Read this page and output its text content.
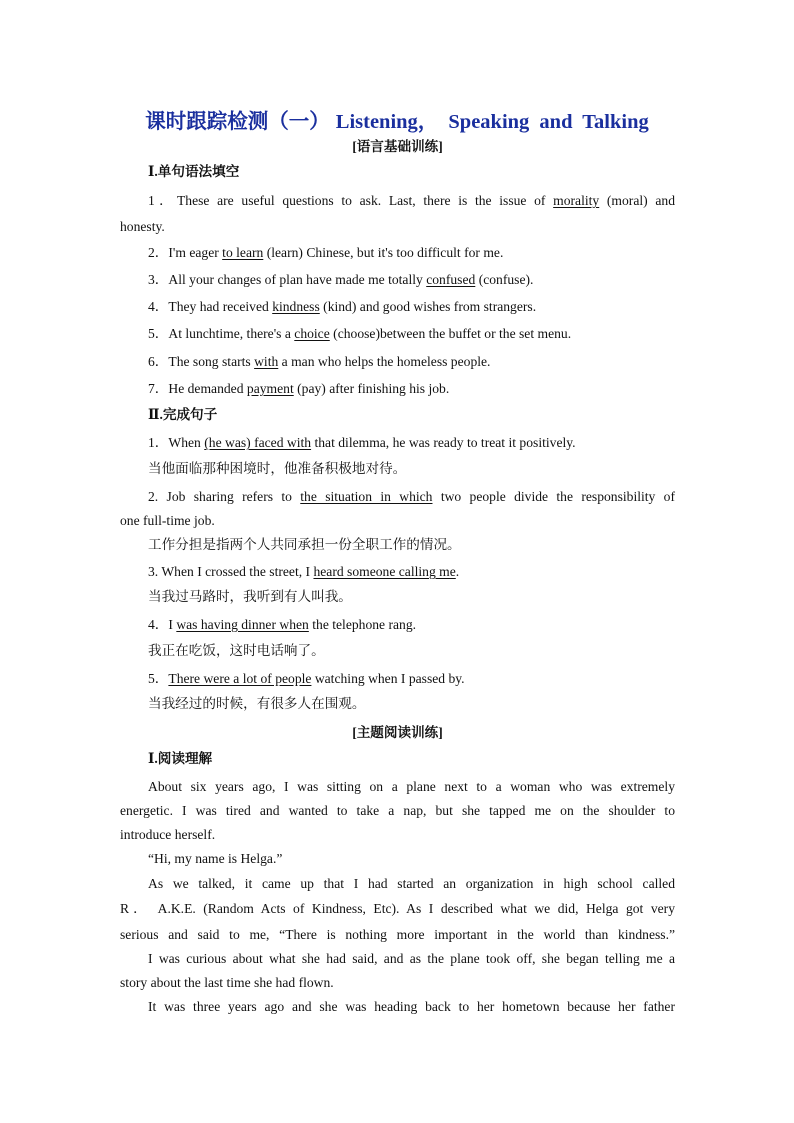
课时跟踪检测（一） Listening， Speaking and Talking
[语言基础训练]
Ⅰ.单句语法填空
1．These are useful questions to ask. Last, there is the issue of morality (moral) and
honesty.
2．I'm eager to learn (learn) Chinese, but it's too difficult for me.
3．All your changes of plan have made me totally confused (confuse).
4．They had received kindness (kind) and good wishes from strangers.
5．At lunchtime, there's a choice (choose)between the buffet or the set menu.
6．The song starts with a man who helps the homeless people.
7．He demanded payment (pay) after finishing his job.
Ⅱ.完成句子
1．When (he was) faced with that dilemma, he was ready to treat it positively.
当他面临那种困境时，他准备积极地对待。
2. Job sharing refers to the situation in which two people divide the responsibility of
one full-time job.
工作分担是指两个人共同承担一份全职工作的情况。
3. When I crossed the street, I heard someone calling me.
当我过马路时，我听到有人叫我。
4．I was having dinner when the telephone rang.
我正在吃饭，这时电话响了。
5．There were a lot of people watching when I passed by.
当我经过的时候，有很多人在围观。
[主题阅读训练]
Ⅰ.阅读理解
About six years ago, I was sitting on a plane next to a woman who was extremely
energetic. I was tired and wanted to take a nap, but she tapped me on the shoulder to
introduce herself.
“Hi, my name is Helga.”
As we talked, it came up that I had started an organization in high school called
R． A.K.E. (Random Acts of Kindness, Etc). As I described what we did, Helga got very
serious and said to me, “There is nothing more important in the world than kindness.”
I was curious about what she had said, and as the plane took off, she began telling me a
story about the last time she had flown.
It was three years ago and she was heading back to her hometown because her father
